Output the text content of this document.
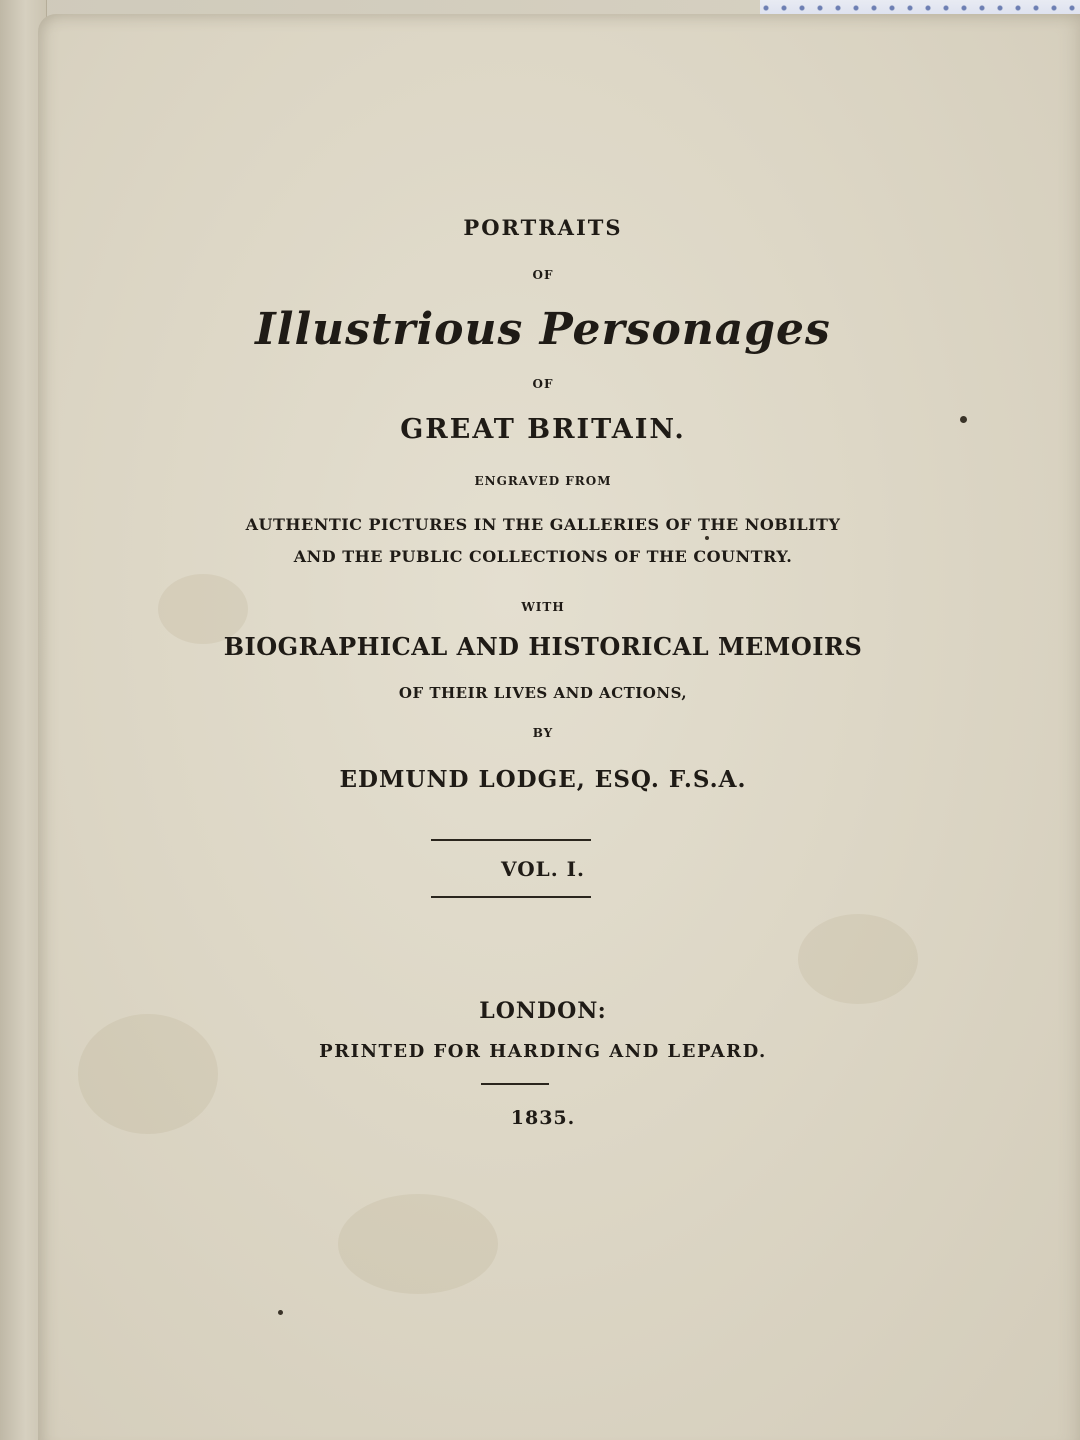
PORTRAITS
OF
Illustrious Personages
OF
GREAT BRITAIN.
ENGRAVED FROM
AUTHENTIC PICTURES IN THE GALLERIES OF THE NOBILITY
AND THE PUBLIC COLLECTIONS OF THE COUNTRY.
WITH
BIOGRAPHICAL AND HISTORICAL MEMOIRS
OF THEIR LIVES AND ACTIONS,
BY
EDMUND LODGE, ESQ. F.S.A.
VOL. I.
LONDON:
PRINTED FOR HARDING AND LEPARD.
1835.
